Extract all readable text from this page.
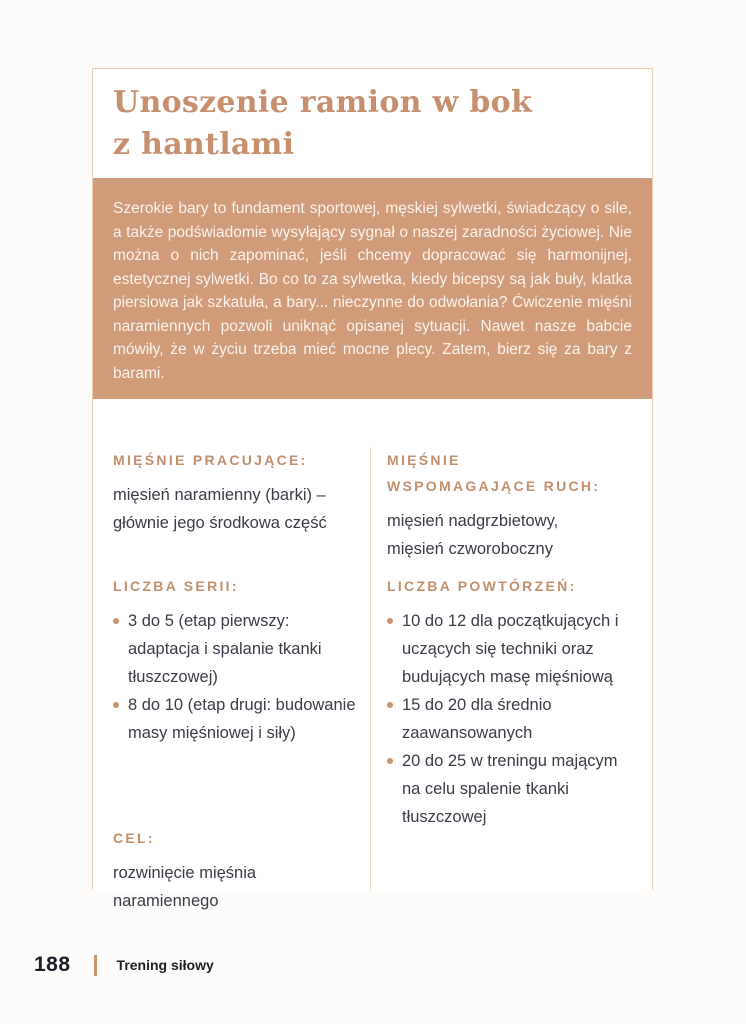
Unoszenie ramion w bok
z hantlami

Szerokie bary to fundament sportowej, męskiej sylwetki, świadczący o sile, a także podświadomie wysyłający sygnał o naszej zaradności życiowej. Nie można o nich zapominać, jeśli chcemy dopracować się harmonijnej, estetycznej sylwetki. Bo co to za sylwetka, kiedy bicepsy są jak buły, klatka piersiowa jak szkatuła, a bary... nieczynne do odwołania? Ćwiczenie mięśni naramiennych pozwoli uniknąć opisanej sytuacji. Nawet nasze babcie mówiły, że w życiu trzeba mieć mocne plecy. Zatem, bierz się za bary z barami.

MIĘŚNIE PRACUJĄCE:

mięsień naramienny (barki) – głównie jego środkowa część

LICZBA SERII:
3 do 5 (etap pierwszy: adaptacja i spalanie tkanki tłuszczowej)
8 do 10 (etap drugi: budowanie masy mięśniowej i siły)
CEL:

rozwinięcie mięśnia naramiennego

MIĘŚNIE
WSPOMAGAJĄCE RUCH:

mięsień nadgrzbietowy, mięsień czworoboczny

LICZBA POWTÓRZEŃ:
10 do 12 dla początkujących i uczących się techniki oraz budujących masę mięśniową
15 do 20 dla średnio zaawansowanych
20 do 25 w treningu mającym na celu spalenie tkanki tłuszczowej
188	Trening siłowy
